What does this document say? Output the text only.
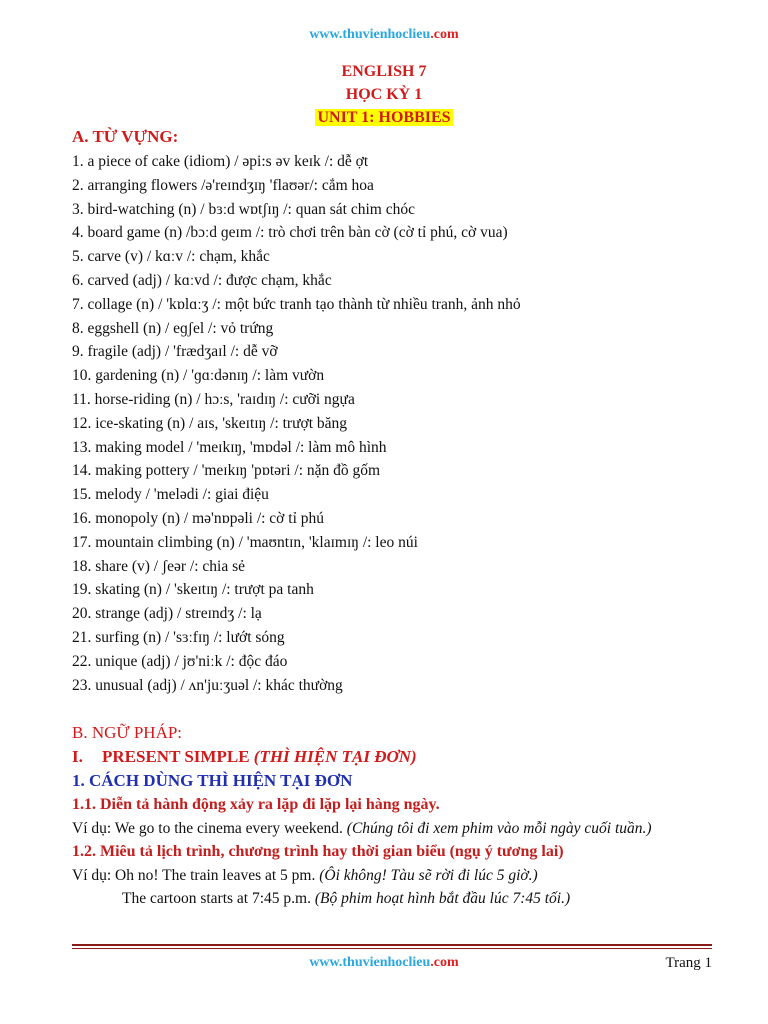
www.thuvienhoclieu.com
ENGLISH 7
HỌC KỲ 1
UNIT 1: HOBBIES
A. TỪ VỰNG:
1. a piece of cake (idiom) / əpi:s əv keɪk /: dễ ợt
2. arranging flowers /ə'reɪndʒɪŋ 'flaʊər/: cắm hoa
3. bird-watching (n) / bɜːd wɒtʃɪŋ /: quan sát chim chóc
4. board game (n) /bɔːd ɡeɪm /: trò chơi trên bàn cờ (cờ tỉ phú, cờ vua)
5. carve (v) / kɑːv /: chạm, khắc
6. carved (adj) / kɑːvd /: được chạm, khắc
7. collage (n) / 'kɒlɑːʒ /: một bức tranh tạo thành từ nhiều tranh, ảnh nhỏ
8. eggshell (n) / eɡʃel /: vỏ trứng
9. fragile (adj) / 'frædʒaɪl /: dễ vỡ
10. gardening (n) / 'ɡɑːdənɪŋ /: làm vườn
11. horse-riding (n) / hɔːs, 'raɪdɪŋ /: cưỡi ngựa
12. ice-skating (n) / aɪs, 'skeɪtɪŋ /: trượt băng
13. making model / 'meɪkɪŋ, 'mɒdəl /: làm mô hình
14. making pottery / 'meɪkɪŋ 'pɒtəri /: nặn đồ gốm
15. melody / 'melədi /: giai điệu
16. monopoly (n) / mə'nɒpəli /: cờ tỉ phú
17. mountain climbing (n) / 'maʊntɪn, 'klaɪmɪŋ /: leo núi
18. share (v) / ʃeər /: chia sẻ
19. skating (n) / 'skeɪtɪŋ /: trượt pa tanh
20. strange (adj) / streɪndʒ /: lạ
21. surfing (n) / 'sɜːfɪŋ /: lướt sóng
22. unique (adj) / jʊ'niːk /: độc đáo
23. unusual (adj) / ʌn'juːʒuəl /: khác thường
B. NGỮ PHÁP:
I. PRESENT SIMPLE (THÌ HIỆN TẠI ĐƠN)
1. CÁCH DÙNG THÌ HIỆN TẠI ĐƠN
1.1. Diễn tả hành động xảy ra lặp đi lặp lại hàng ngày.
Ví dụ: We go to the cinema every weekend. (Chúng tôi đi xem phim vào mỗi ngày cuối tuần.)
1.2. Miêu tả lịch trình, chương trình hay thời gian biểu (ngụ ý tương lai)
Ví dụ: Oh no! The train leaves at 5 pm. (Ôi không! Tàu sẽ rời đi lúc 5 giờ.)
The cartoon starts at 7:45 p.m. (Bộ phim hoạt hình bắt đầu lúc 7:45 tối.)
www.thuvienhoclieu.com	Trang 1
